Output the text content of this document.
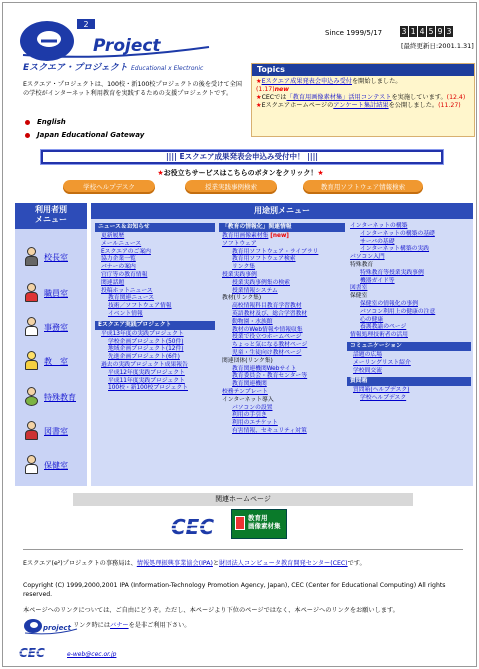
2
Project
Eスクエア・プロジェクト Educational x Electronic
Since 1999/5/17 3 1 4 5 9 3
[最終更新日:2001.1.31]

Eスクエア・プロジェクトは、100校・新100校プロジェクトの後を受けて全国の学校がインターネット利用教育を実践するための支援プロジェクトです。

English
Japan Educational Gateway
Topics
★Eスクエア成果発表会申込み受付を開始しました。
(1.17)new
★CECでは「教育用画像素材集」活用コンテストを実施しています。(12.4)
★Eスクエアホームページのアンケート集計結果を公開しました。(11.27)
|||| Eスクエア成果発表会申込み受付中！ ||||
★お役立ちサービスはこちらのボタンをクリック！★
学校ヘルプデスク	授業実践事例検索	教育用ソフトウェア情報検索
利用者別
メニュー
校長室
職員室
事務室
教　室
特殊教育
図書室
保健室
用途別メニュー
ニュース＆お知らせ
更新履歴
メールニュース
Eスクエアのご案内
協力企業一覧
バナーの案内
官庁等の教育情報
関連話題
投稿ホットニュース
教育関連ニュース
技術／ソフトウェア情報
イベント情報
Eスクエア実践プロジェクト
平成13年度の実践プロジェクト
学校企画プロジェクト(50件)
地域企画プロジェクト(12件)
先進企画プロジェクト(6件)
過去の実践プロジェクト成果報告
平成12年度実践プロジェクト
平成11年度実践プロジェクト
100校・新100校プロジェクト
「教育の情報化」関連情報
教育用画像素材集 [new]
ソフトウェア
教育用ソフトウェア・ライブラリ
教育用ソフトウェア検索
リンク集
授業実践事例
授業実践事例集の検索
授業情報システム
教材(リンク集)
高校情報科目教育学習教材
英語教材及び、総合学習教材
動物園・水族館
教材のWeb情報や情報収集
授業で役立つホームページ
ちょっと気になる教材ページ
児童・生徒向け教材ページ
関連団体(リンク集)
教育関連機関Webサイト
教育委員会・教育センター等
教育関連機関
校務テンプレート
インターネット導入
パソコンの設置
利用の手引き
利用のエチケット
有害情報、セキュリティ対策
インターネットの構築
インターネットの構築の基礎
サーバの基礎
インターネット構築の実践
パソコン入門
特殊教育
特殊教育等授業実践事例
機器ガイド等
図書室
保健室
保健室の情報化の事例
パソコン利用上の健康の注意
心の健康
養護教諭のページ
情報処理技術者の活用
コミュニケーション
話題の広場
メーリングリスト紹介
学校間交流
質問箱
質問箱(ヘルプデスク)
学校ヘルプデスク
関連ホームページ
CEC	教育用
画像素材集
Eスクエア(e²)プロジェクトの事務局は、情報処理振興事業協会(IPA)と財団法人コンピュータ教育開発センター(CEC)です。
Copyright (C) 1999,2000,2001 IPA (Information-Technology Promotion Agency, Japan), CEC (Center for Educational Computing) All rights reserved.
本ページへのリンクについては、ご自由にどうぞ。ただし、本ページより下位のページではなく、本ページへのリンクをお願いします。
project リンク時にはバナーを是非ご利用下さい。
CEC	e-web@cec.or.jp
